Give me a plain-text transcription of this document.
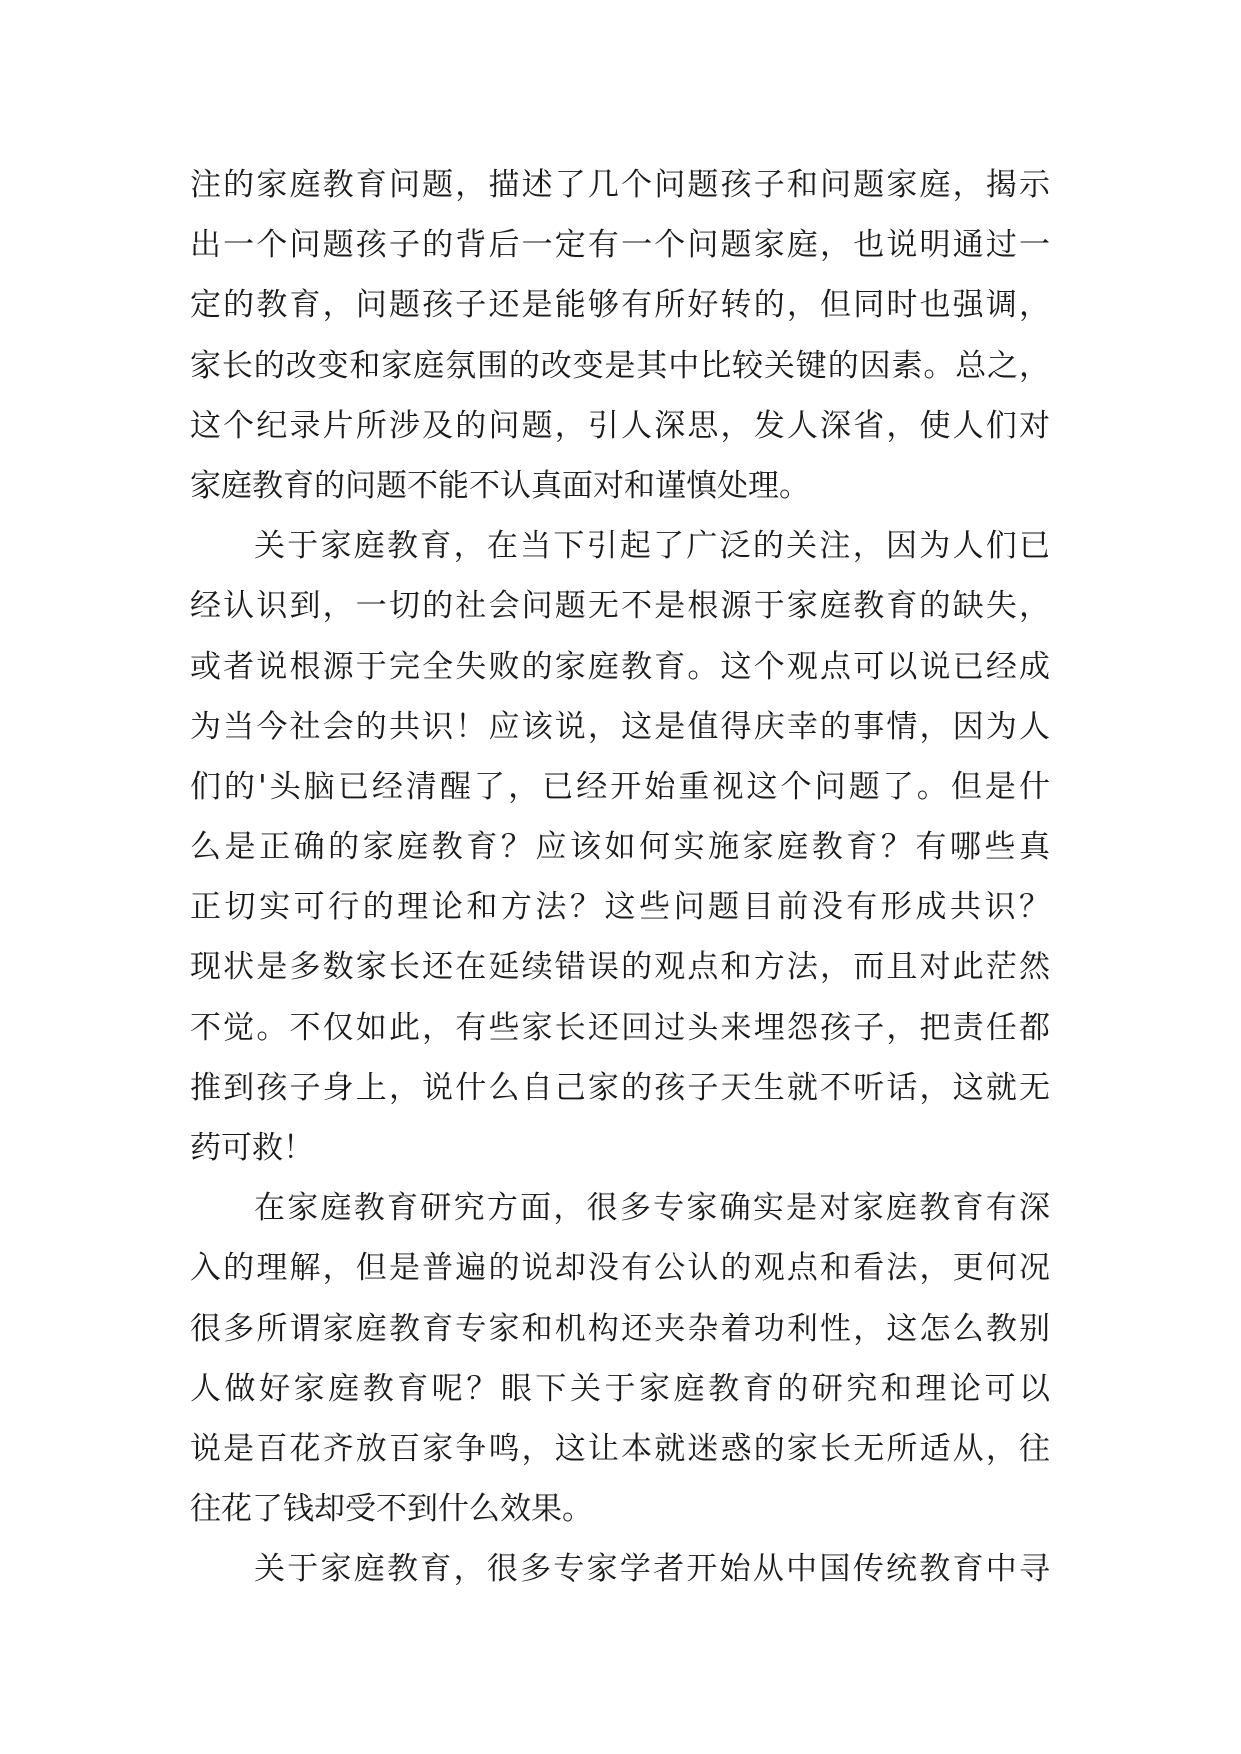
注的家庭教育问题，描述了几个问题孩子和问题家庭，揭示
出一个问题孩子的背后一定有一个问题家庭，也说明通过一
定的教育，问题孩子还是能够有所好转的，但同时也强调，
家长的改变和家庭氛围的改变是其中比较关键的因素。总之，
这个纪录片所涉及的问题，引人深思，发人深省，使人们对
家庭教育的问题不能不认真面对和谨慎处理。
关于家庭教育，在当下引起了广泛的关注，因为人们已
经认识到，一切的社会问题无不是根源于家庭教育的缺失，
或者说根源于完全失败的家庭教育。这个观点可以说已经成
为当今社会的共识！应该说，这是值得庆幸的事情，因为人
们的'头脑已经清醒了，已经开始重视这个问题了。但是什
么是正确的家庭教育？应该如何实施家庭教育？有哪些真
正切实可行的理论和方法？这些问题目前没有形成共识？
现状是多数家长还在延续错误的观点和方法，而且对此茫然
不觉。不仅如此，有些家长还回过头来埋怨孩子，把责任都
推到孩子身上，说什么自己家的孩子天生就不听话，这就无
药可救！
在家庭教育研究方面，很多专家确实是对家庭教育有深
入的理解，但是普遍的说却没有公认的观点和看法，更何况
很多所谓家庭教育专家和机构还夹杂着功利性，这怎么教别
人做好家庭教育呢？眼下关于家庭教育的研究和理论可以
说是百花齐放百家争鸣，这让本就迷惑的家长无所适从，往
往花了钱却受不到什么效果。
关于家庭教育，很多专家学者开始从中国传统教育中寻
